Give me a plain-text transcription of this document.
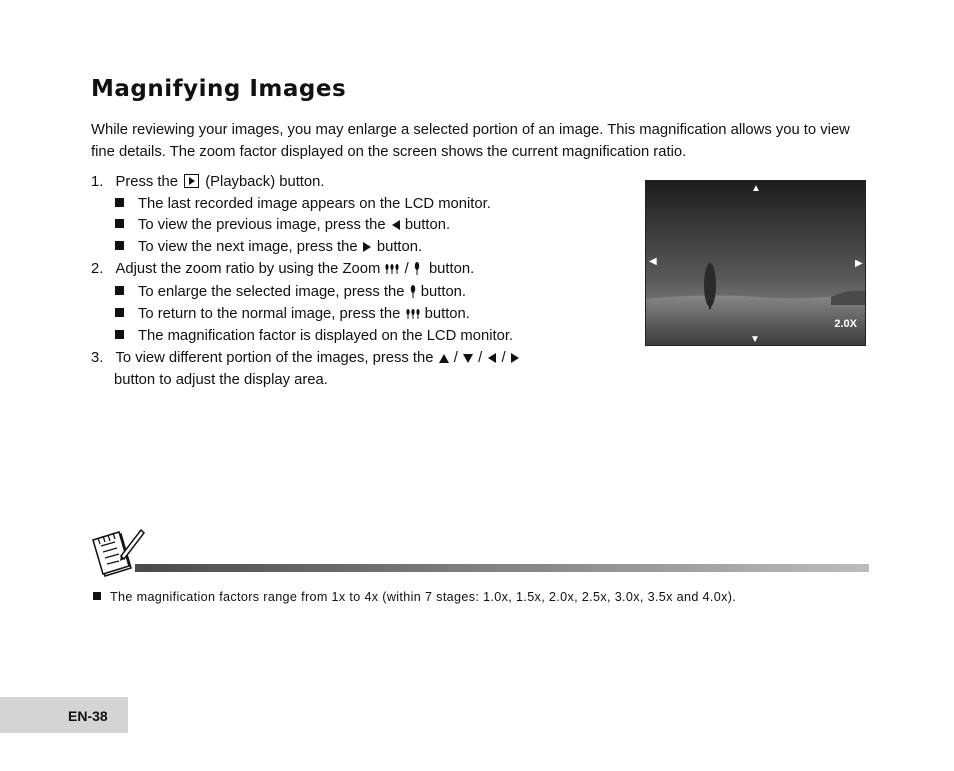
Magnifying Images

While reviewing your images, you may enlarge a selected portion of an image. This magnification allows you to view fine details. The zoom factor displayed on the screen shows the current magnification ratio.

1. Press the (Playback) button.
The last recorded image appears on the LCD monitor.
To view the previous image, press the button.
To view the next image, press the button.
2. Adjust the zoom ratio by using the Zoom / button.
To enlarge the selected image, press the button.
To return to the normal image, press the button.
The magnification factor is displayed on the LCD monitor.
3. To view different portion of the images, press the / / /
button to adjust the display area.
▲
▼
◀	▶
2.0X
The magnification factors range from 1x to 4x (within 7 stages: 1.0x, 1.5x, 2.0x, 2.5x, 3.0x, 3.5x and 4.0x).
EN-38
